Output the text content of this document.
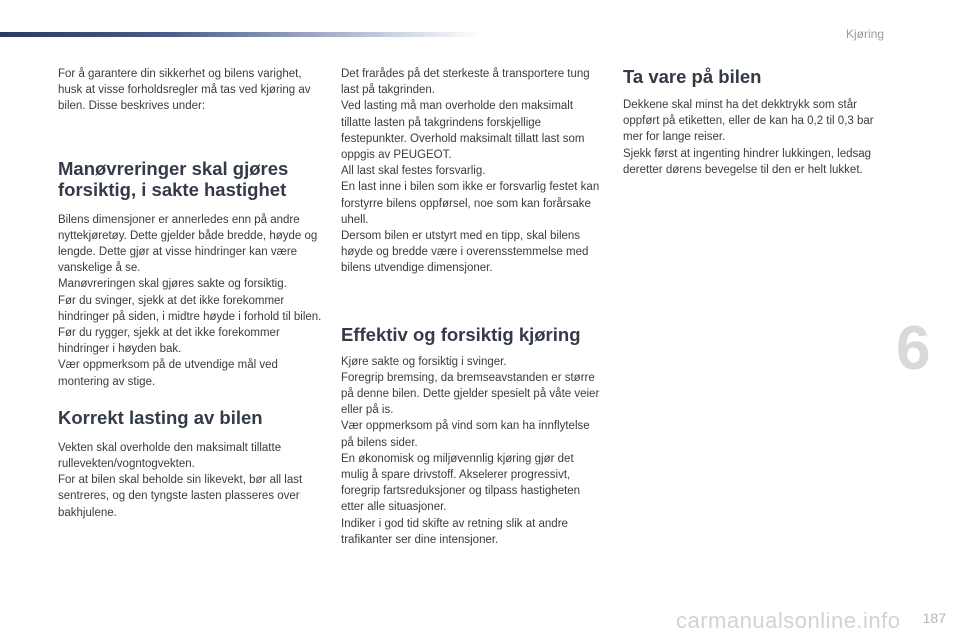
Kjøring

For å garantere din sikkerhet og bilens varighet, husk at visse forholdsregler må tas ved kjøring av bilen. Disse beskrives under:

Manøvreringer skal gjøres forsiktig, i sakte hastighet

Bilens dimensjoner er annerledes enn på andre nyttekjøretøy. Dette gjelder både bredde, høyde og lengde. Dette gjør at visse hindringer kan være vanskelige å se.

Manøvreringen skal gjøres sakte og forsiktig.

Før du svinger, sjekk at det ikke forekommer hindringer på siden, i midtre høyde i forhold til bilen.

Før du rygger, sjekk at det ikke forekommer hindringer i høyden bak.

Vær oppmerksom på de utvendige mål ved montering av stige.

Korrekt lasting av bilen

Vekten skal overholde den maksimalt tillatte rullevekten/vogntogvekten.

For at bilen skal beholde sin likevekt, bør all last sentreres, og den tyngste lasten plasseres over bakhjulene.

Det frarådes på det sterkeste å transportere tung last på takgrinden.

Ved lasting må man overholde den maksimalt tillatte lasten på takgrindens forskjellige festepunkter. Overhold maksimalt tillatt last som oppgis av PEUGEOT.

All last skal festes forsvarlig.

En last inne i bilen som ikke er forsvarlig festet kan forstyrre bilens oppførsel, noe som kan forårsake uhell.

Dersom bilen er utstyrt med en tipp, skal bilens høyde og bredde være i overensstemmelse med bilens utvendige dimensjoner.

Effektiv og forsiktig kjøring

Kjøre sakte og forsiktig i svinger.

Foregrip bremsing, da bremseavstanden er større på denne bilen. Dette gjelder spesielt på våte veier eller på is.

Vær oppmerksom på vind som kan ha innflytelse på bilens sider.

En økonomisk og miljøvennlig kjøring gjør det mulig å spare drivstoff. Akselerer progressivt, foregrip fartsreduksjoner og tilpass hastigheten etter alle situasjoner.

Indiker i god tid skifte av retning slik at andre trafikanter ser dine intensjoner.

Ta vare på bilen

Dekkene skal minst ha det dekktrykk som står oppført på etiketten, eller de kan ha 0,2 til 0,3 bar mer for lange reiser.

Sjekk først at ingenting hindrer lukkingen, ledsag deretter dørens bevegelse til den er helt lukket.

6
carmanualsonline.info 187
